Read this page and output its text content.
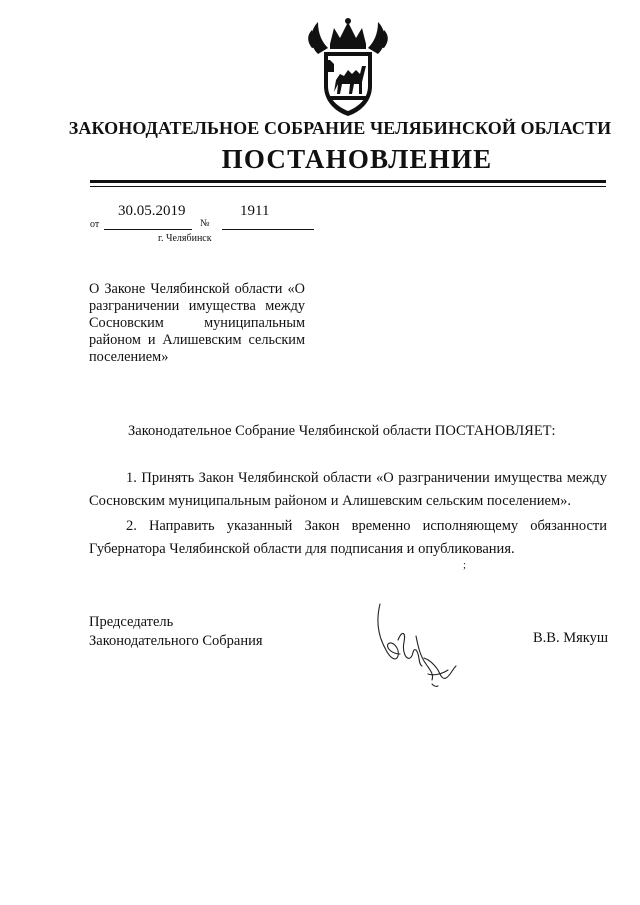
ЗАКОНОДАТЕЛЬНОЕ СОБРАНИЕ ЧЕЛЯБИНСКОЙ ОБЛАСТИ
ПОСТАНОВЛЕНИЕ
30.05.2019	1911
от	№
г. Челябинск
О Законе Челябинской области «О разграничении имущества между Сосновским муниципальным районом и Алишевским сельским поселением»
Законодательное Собрание Челябинской области ПОСТАНОВЛЯЕТ:
1. Принять Закон Челябинской области «О разграничении имущества между Сосновским муниципальным районом и Алишевским сельским поселением».
2. Направить указанный Закон временно исполняющему обязанности Губернатора Челябинской области для подписания и опубликования.
;
Председатель
Законодательного Собрания	В.В. Мякуш
